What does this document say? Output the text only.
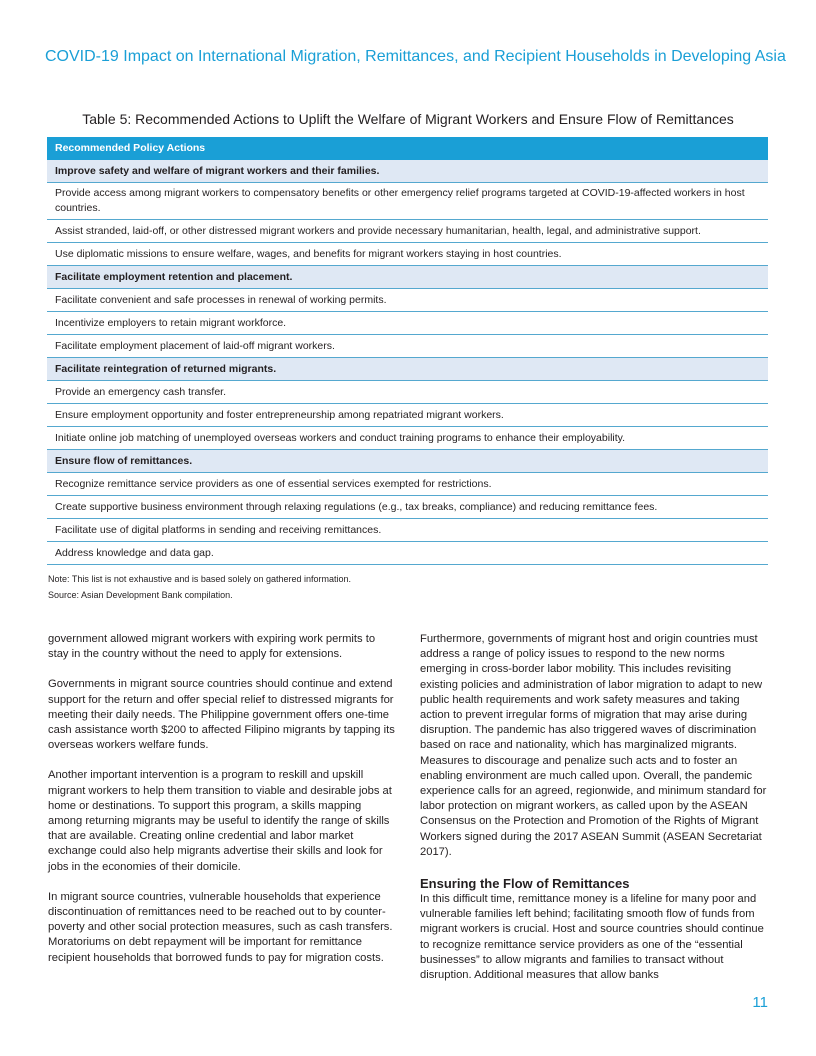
COVID-19 Impact on International Migration, Remittances, and Recipient Households in Developing Asia
Table 5: Recommended Actions to Uplift the Welfare of Migrant Workers and Ensure Flow of Remittances
Recommended Policy Actions
Improve safety and welfare of migrant workers and their families.
Provide access among migrant workers to compensatory benefits or other emergency relief programs targeted at COVID-19-affected workers in host countries.
Assist stranded, laid-off, or other distressed migrant workers and provide necessary humanitarian, health, legal, and administrative support.
Use diplomatic missions to ensure welfare, wages, and benefits for migrant workers staying in host countries.
Facilitate employment retention and placement.
Facilitate convenient and safe processes in renewal of working permits.
Incentivize employers to retain migrant workforce.
Facilitate employment placement of laid-off migrant workers.
Facilitate reintegration of returned migrants.
Provide an emergency cash transfer.
Ensure employment opportunity and foster entrepreneurship among repatriated migrant workers.
Initiate online job matching of unemployed overseas workers and conduct training programs to enhance their employability.
Ensure flow of remittances.
Recognize remittance service providers as one of essential services exempted for restrictions.
Create supportive business environment through relaxing regulations (e.g., tax breaks, compliance) and reducing remittance fees.
Facilitate use of digital platforms in sending and receiving remittances.
Address knowledge and data gap.
Note: This list is not exhaustive and is based solely on gathered information.
Source: Asian Development Bank compilation.

government allowed migrant workers with expiring work permits to stay in the country without the need to apply for extensions.

Governments in migrant source countries should continue and extend support for the return and offer special relief to distressed migrants for meeting their daily needs. The Philippine government offers one-time cash assistance worth $200 to affected Filipino migrants by tapping its overseas workers welfare funds.

Another important intervention is a program to reskill and upskill migrant workers to help them transition to viable and desirable jobs at home or destinations. To support this program, a skills mapping among returning migrants may be useful to identify the range of skills that are available. Creating online credential and labor market exchange could also help migrants advertise their skills and look for jobs in the economies of their domicile.

In migrant source countries, vulnerable households that experience discontinuation of remittances need to be reached out to by counter-poverty and other social protection measures, such as cash transfers. Moratoriums on debt repayment will be important for remittance recipient households that borrowed funds to pay for migration costs.

Furthermore, governments of migrant host and origin countries must address a range of policy issues to respond to the new norms emerging in cross-border labor mobility. This includes revisiting existing policies and administration of labor migration to adapt to new public health requirements and work safety measures and taking action to prevent irregular forms of migration that may arise during disruption. The pandemic has also triggered waves of discrimination based on race and nationality, which has marginalized migrants. Measures to discourage and penalize such acts and to foster an enabling environment are much called upon. Overall, the pandemic experience calls for an agreed, regionwide, and minimum standard for labor protection on migrant workers, as called upon by the ASEAN Consensus on the Protection and Promotion of the Rights of Migrant Workers signed during the 2017 ASEAN Summit (ASEAN Secretariat 2017).

Ensuring the Flow of Remittances

In this difficult time, remittance money is a lifeline for many poor and vulnerable families left behind; facilitating smooth flow of funds from migrant workers is crucial. Host and source countries should continue to recognize remittance service providers as one of the “essential businesses” to allow migrants and families to transact without disruption. Additional measures that allow banks

11
